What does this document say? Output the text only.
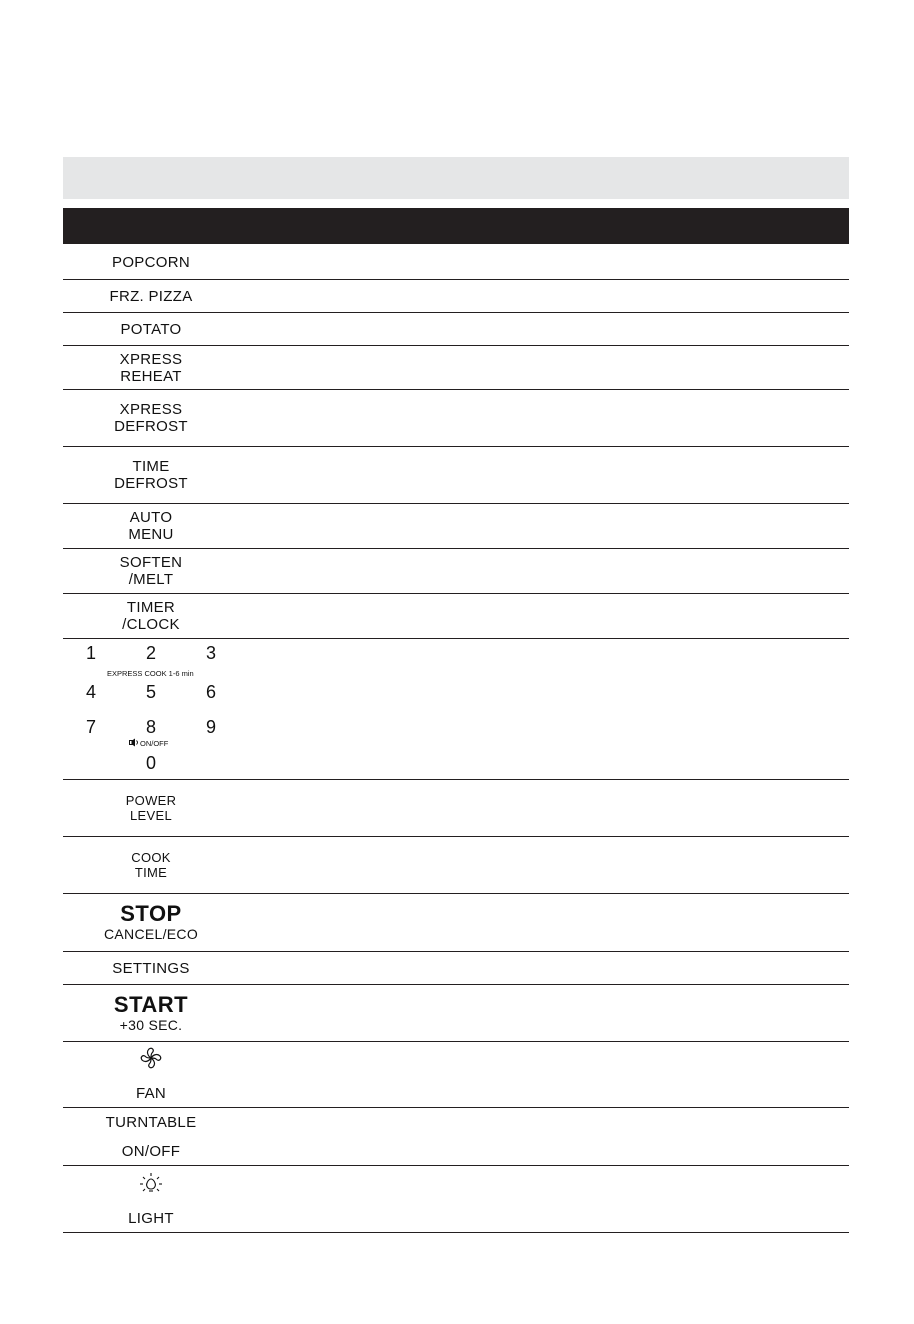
POPCORN
FRZ. PIZZA
POTATO
XPRESS
REHEAT
XPRESS
DEFROST
TIME
DEFROST
AUTO
MENU
SOFTEN
/MELT
TIMER
/CLOCK
1	2	3
EXPRESS COOK 1-6 min
4	5	6
7	8	9
ON/OFF
0
POWER
LEVEL
COOK
TIME
STOP
CANCEL/ECO
SETTINGS
START
+30 SEC.
FAN
TURNTABLE
ON/OFF
LIGHT
